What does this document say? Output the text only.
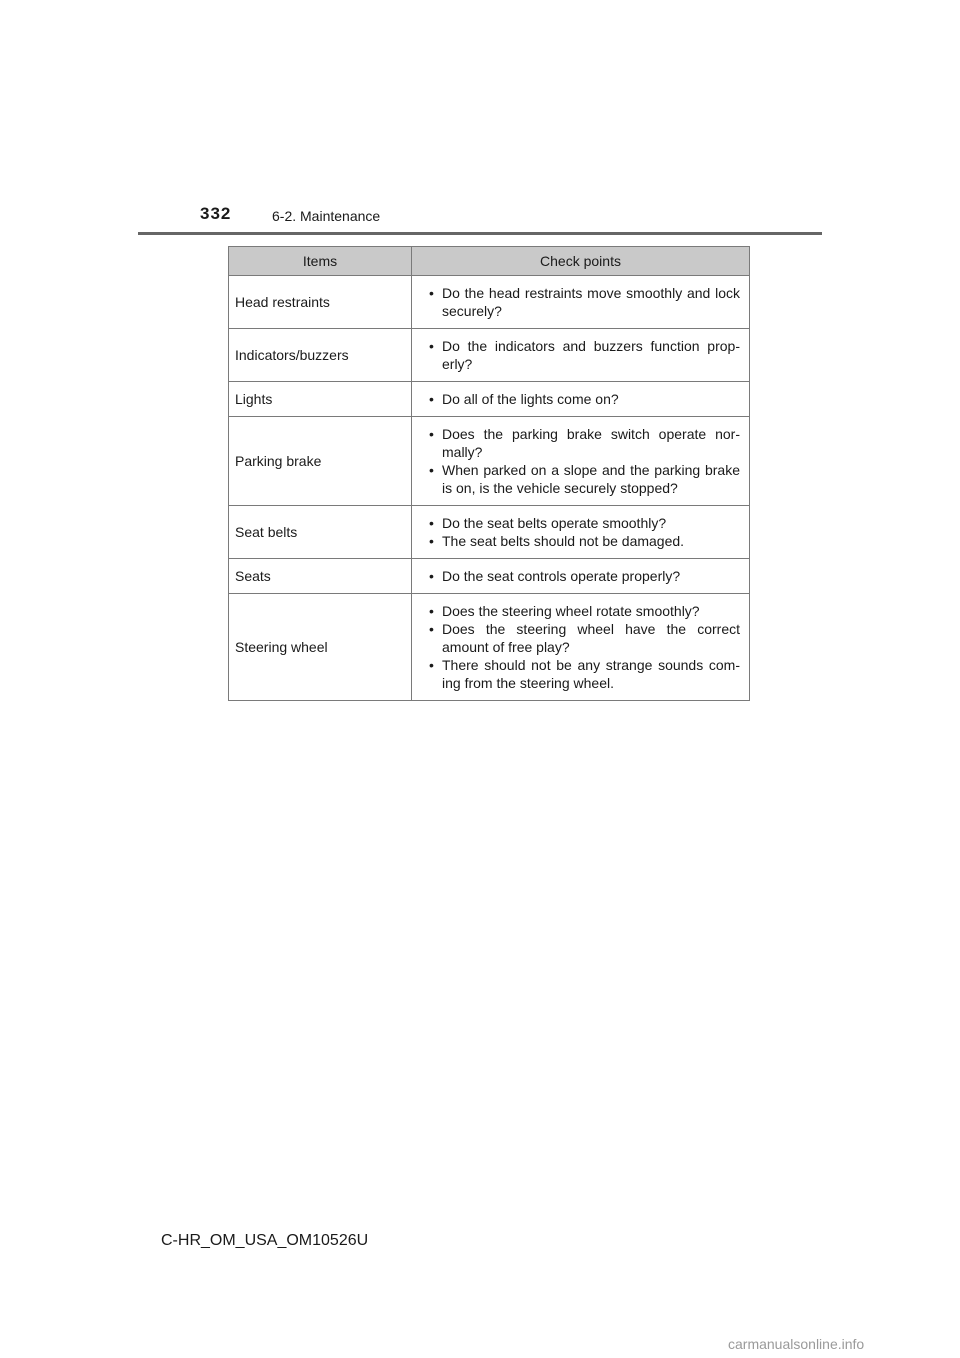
332	6-2. Maintenance
Items	Check points
Head restraints	• Do the head restraints move smoothly and lock securely?

Indicators/buzzers	• Do the indicators and buzzers function prop-erly?

Lights	• Do all of the lights come on?

Parking brake	• Does the parking brake switch operate nor-mally?
• When parked on a slope and the parking brake is on, is the vehicle securely stopped?

Seat belts	• Do the seat belts operate smoothly?
• The seat belts should not be damaged.

Seats	• Do the seat controls operate properly?

Steering wheel	• Does the steering wheel rotate smoothly?
• Does the steering wheel have the correct amount of free play?
• There should not be any strange sounds com-ing from the steering wheel.
C-HR_OM_USA_OM10526U
carmanualsonline.info
